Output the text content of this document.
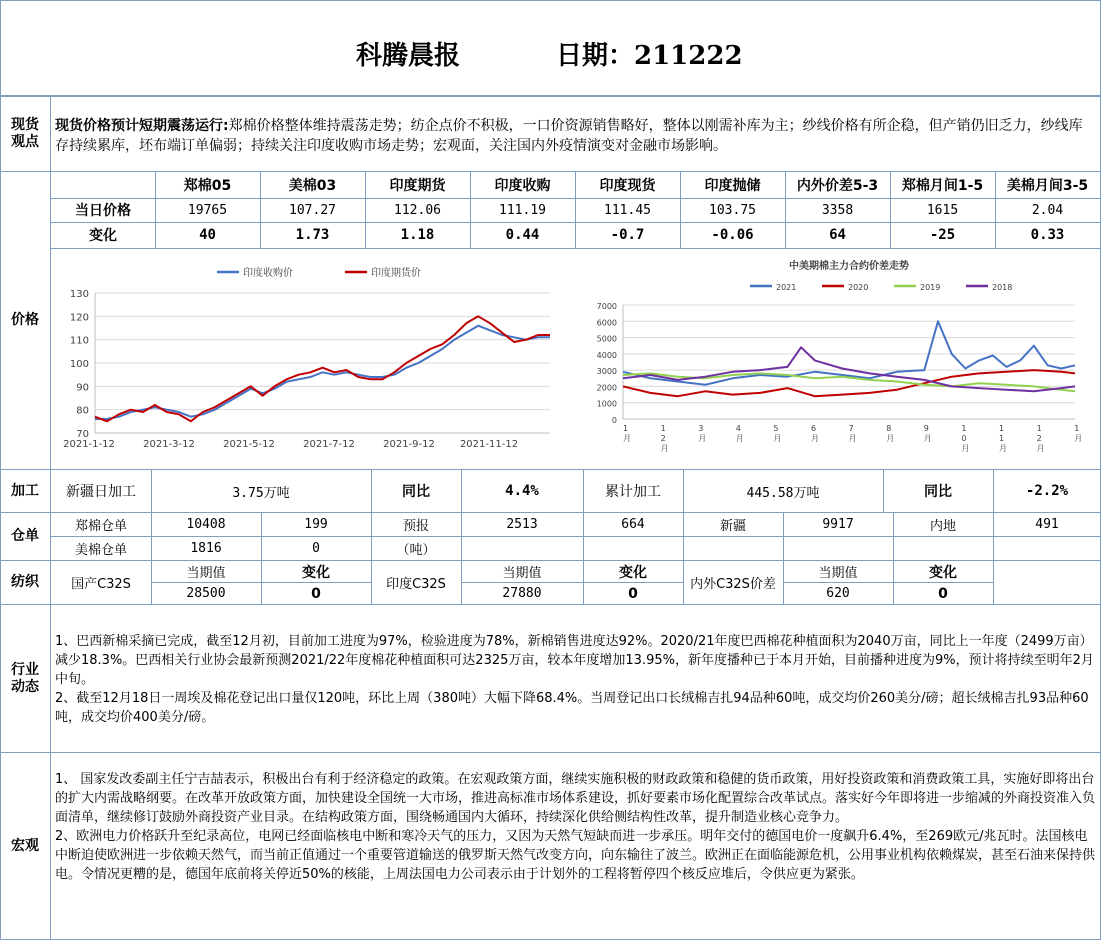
科腾晨报	日期：211222
现货
观点
价格
加工
仓单
纺织
行业
动态
宏观
现货价格预计短期震荡运行:郑棉价格整体维持震荡走势；纺企点价不积极，一口价资源销售略好，整体以刚需补库为主；纱线价格有所企稳，但产销仍旧乏力，纱线库存持续累库，坯布端订单偏弱；持续关注印度收购市场走势；宏观面，关注国内外疫情演变对金融市场影响。
郑棉05	美棉03	印度期货	印度收购	印度现货	印度抛储	内外价差5-3	郑棉月间1-5	美棉月间3-5
当日价格	19765	107.27	112.06	111.19	111.45	103.75	3358	1615	2.04
变化	40	1.73	1.18	0.44	-0.7	-0.06	64	-25	0.33
70
80
90
100
110
120
130
2021-1-12	2021-3-12	2021-5-12	2021-7-12	2021-9-12	2021-11-12
印度收购价	印度期货价
0
1000
2000
3000
4000
5000
6000
7000
1 月
1 2 月
3 月
4 月
5 月
6 月
7 月
8 月
9 月
1 0 月
1 1 月
1 2 月
1 月
2021	2020	2019	2018
中美期棉主力合约价差走势
新疆日加工	3.75万吨	同比	4.4%	累计加工	445.58万吨	同比	-2.2%
郑棉仓单	10408	199	预报	2513	664	新疆	9917	内地	491
美棉仓单	1816	0	（吨）
国产C32S
当期值	变化
28500	0
印度C32S
当期值	变化
27880	0
内外C32S价差
当期值	变化
620	0
1、巴西新棉采摘已完成，截至12月初，目前加工进度为97%，检验进度为78%，新棉销售进度达92%。2020/21年度巴西棉花种植面积为2040万亩，同比上一年度（2499万亩）减少18.3%。巴西相关行业协会最新预测2021/22年度棉花种植面积可达2325万亩，较本年度增加13.95%，新年度播种已于本月开始，目前播种进度为9%，预计将持续至明年2月中旬。
2、截至12月18日一周埃及棉花登记出口量仅120吨，环比上周（380吨）大幅下降68.4%。当周登记出口长绒棉吉扎94品种60吨，成交均价260美分/磅；超长绒棉吉扎93品种60吨，成交均价400美分/磅。
1、 国家发改委副主任宁吉喆表示，积极出台有利于经济稳定的政策。在宏观政策方面，继续实施积极的财政政策和稳健的货币政策，用好投资政策和消费政策工具，实施好即将出台的扩大内需战略纲要。在改革开放政策方面，加快建设全国统一大市场，推进高标准市场体系建设，抓好要素市场化配置综合改革试点。落实好今年即将进一步缩减的外商投资准入负面清单，继续修订鼓励外商投资产业目录。在结构政策方面，围绕畅通国内大循环，持续深化供给侧结构性改革，提升制造业核心竞争力。
2、欧洲电力价格跃升至纪录高位，电网已经面临核电中断和寒冷天气的压力，又因为天然气短缺而进一步承压。明年交付的德国电价一度飙升6.4%，至269欧元/兆瓦时。法国核电中断迫使欧洲进一步依赖天然气，而当前正值通过一个重要管道输送的俄罗斯天然气改变方向，向东输往了波兰。欧洲正在面临能源危机，公用事业机构依赖煤炭，甚至石油来保持供电。令情况更糟的是，德国年底前将关停近50%的核能，上周法国电力公司表示由于计划外的工程将暂停四个核反应堆后，令供应更为紧张。
